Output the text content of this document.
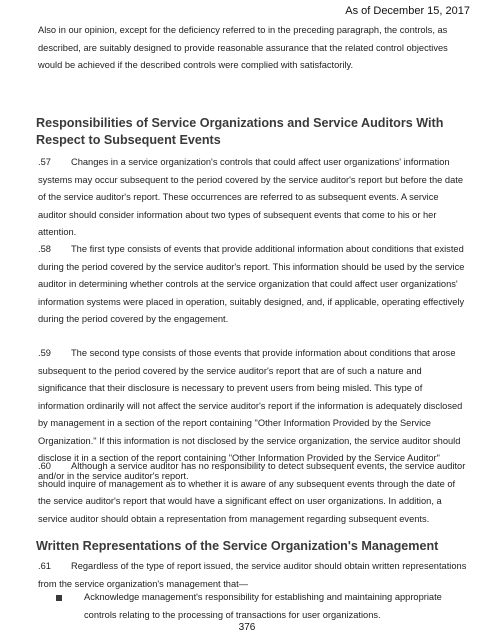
As of December 15, 2017

Also in our opinion, except for the deficiency referred to in the preceding paragraph, the controls, as described, are suitably designed to provide reasonable assurance that the related control objectives would be achieved if the described controls were complied with satisfactorily.

Responsibilities of Service Organizations and Service Auditors With Respect to Subsequent Events

.57 Changes in a service organization's controls that could affect user organizations' information systems may occur subsequent to the period covered by the service auditor's report but before the date of the service auditor's report. These occurrences are referred to as subsequent events. A service auditor should consider information about two types of subsequent events that come to his or her attention.

.58 The first type consists of events that provide additional information about conditions that existed during the period covered by the service auditor's report. This information should be used by the service auditor in determining whether controls at the service organization that could affect user organizations' information systems were placed in operation, suitably designed, and, if applicable, operating effectively during the period covered by the engagement.

.59 The second type consists of those events that provide information about conditions that arose subsequent to the period covered by the service auditor's report that are of such a nature and significance that their disclosure is necessary to prevent users from being misled. This type of information ordinarily will not affect the service auditor's report if the information is adequately disclosed by management in a section of the report containing "Other Information Provided by the Service Organization." If this information is not disclosed by the service organization, the service auditor should disclose it in a section of the report containing "Other Information Provided by the Service Auditor" and/or in the service auditor's report.

.60 Although a service auditor has no responsibility to detect subsequent events, the service auditor should inquire of management as to whether it is aware of any subsequent events through the date of the service auditor's report that would have a significant effect on user organizations. In addition, a service auditor should obtain a representation from management regarding subsequent events.

Written Representations of the Service Organization's Management

.61 Regardless of the type of report issued, the service auditor should obtain written representations from the service organization's management that—

Acknowledge management's responsibility for establishing and maintaining appropriate controls relating to the processing of transactions for user organizations.

376
